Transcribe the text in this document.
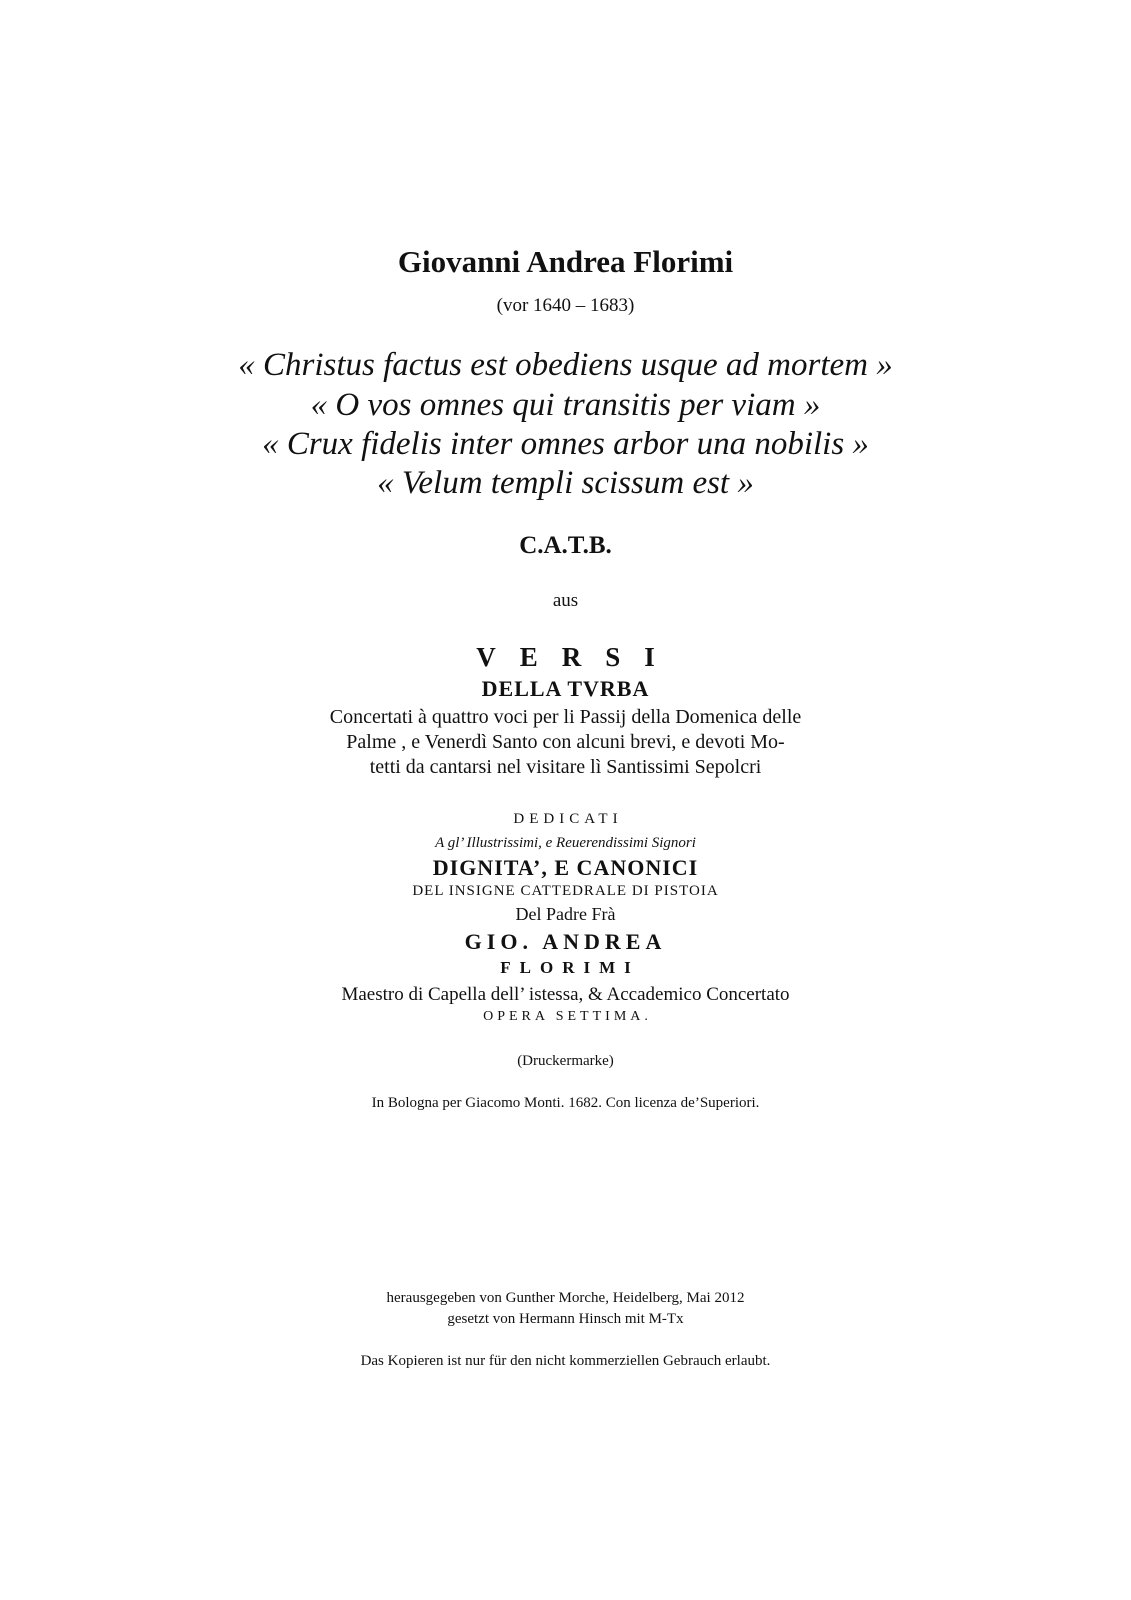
Giovanni Andrea Florimi
(vor 1640 – 1683)
« Christus factus est obediens usque ad mortem »
« O vos omnes qui transitis per viam »
« Crux fidelis inter omnes arbor una nobilis »
« Velum templi scissum est »
C.A.T.B.
aus
VERSI
DELLA TVRBA
Concertati à quattro voci per li Passij della Domenica delle
Palme , e Venerdì Santo con alcuni brevi, e devoti Mo-
tetti da cantarsi nel visitare lì Santissimi Sepolcri
DEDICATI
A gl’ Illustrissimi, e Reuerendissimi Signori
DIGNITA’, E CANONICI
DEL INSIGNE CATTEDRALE DI PISTOIA
Del Padre Frà
GIO. ANDREA
FLORIMI
Maestro di Capella dell’ istessa, & Accademico Concertato
OPERA SETTIMA.
(Druckermarke)
In Bologna per Giacomo Monti. 1682. Con licenza de’Superiori.
herausgegeben von Gunther Morche, Heidelberg, Mai 2012
gesetzt von Hermann Hinsch mit M-Tx
Das Kopieren ist nur für den nicht kommerziellen Gebrauch erlaubt.
